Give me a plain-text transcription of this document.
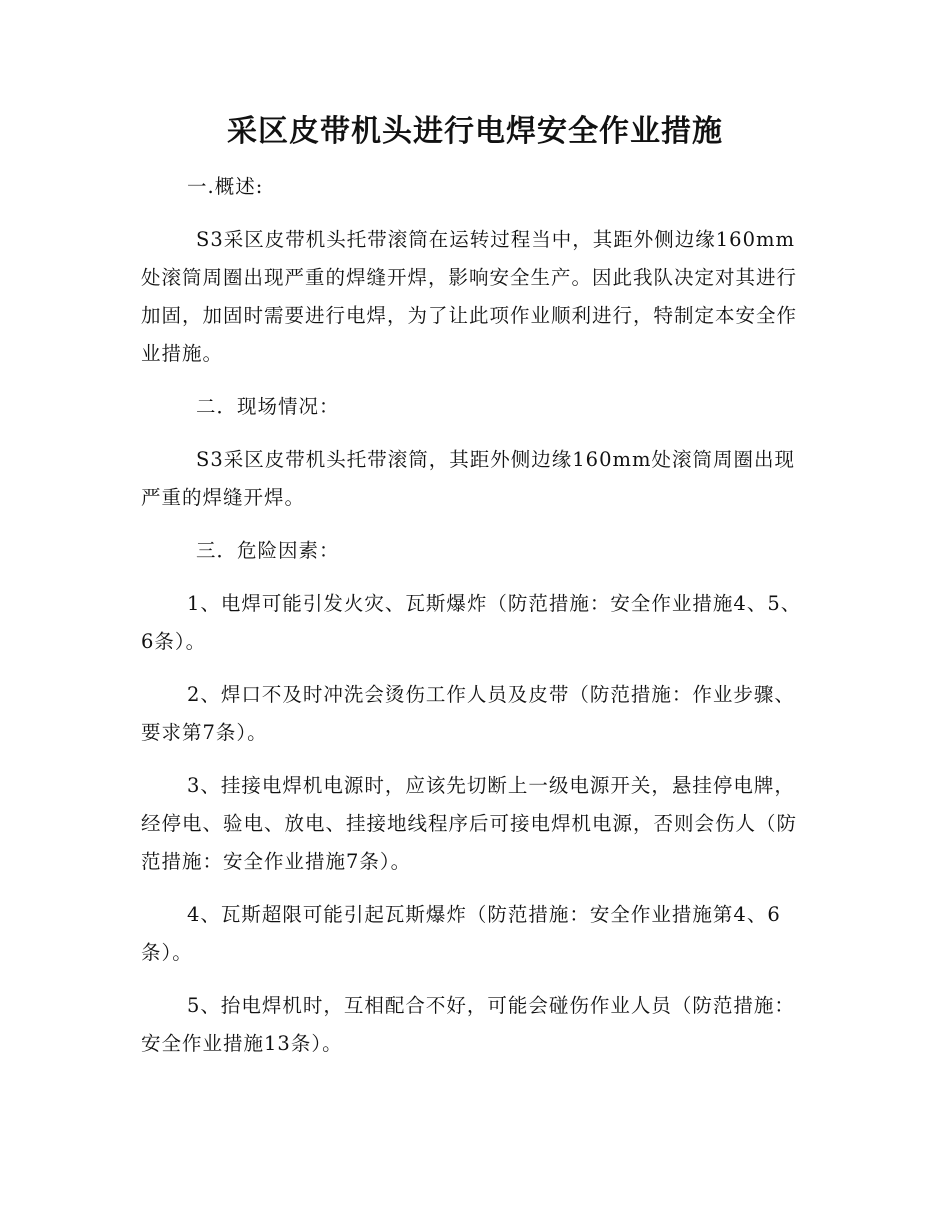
采区皮带机头进行电焊安全作业措施

一.概述:

S3采区皮带机头托带滚筒在运转过程当中，其距外侧边缘160mm处滚筒周圈出现严重的焊缝开焊，影响安全生产。因此我队决定对其进行加固，加固时需要进行电焊，为了让此项作业顺利进行，特制定本安全作业措施。

二．现场情况：

S3采区皮带机头托带滚筒，其距外侧边缘160mm处滚筒周圈出现严重的焊缝开焊。

三．危险因素：

1、电焊可能引发火灾、瓦斯爆炸（防范措施：安全作业措施4、5、6条）。

2、焊口不及时冲洗会烫伤工作人员及皮带（防范措施：作业步骤、要求第7条）。

3、挂接电焊机电源时，应该先切断上一级电源开关，悬挂停电牌，经停电、验电、放电、挂接地线程序后可接电焊机电源，否则会伤人（防范措施：安全作业措施7条）。

4、瓦斯超限可能引起瓦斯爆炸（防范措施：安全作业措施第4、6条）。

5、抬电焊机时，互相配合不好，可能会碰伤作业人员（防范措施：安全作业措施13条）。
